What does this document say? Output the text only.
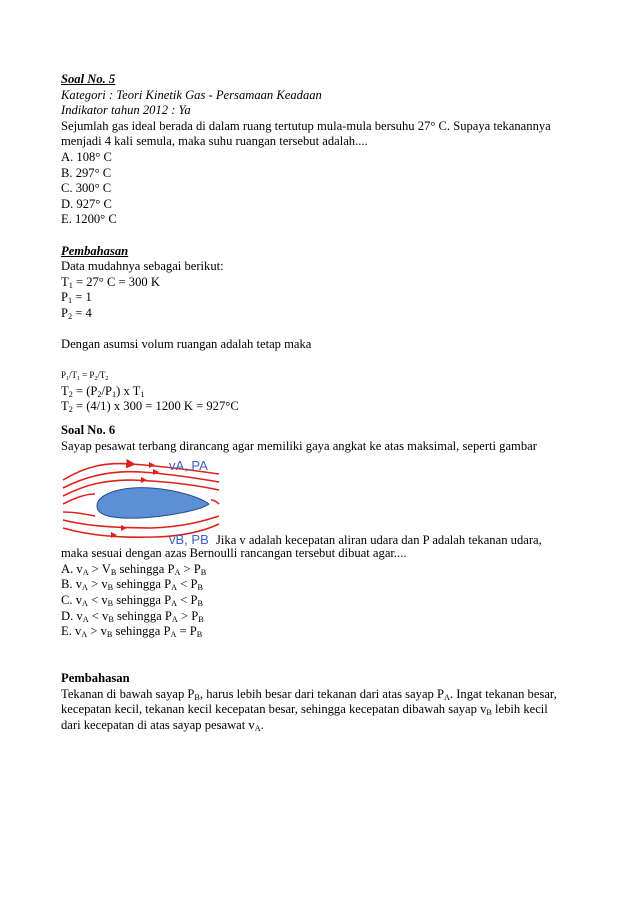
Soal No. 5
Kategori : Teori Kinetik Gas - Persamaan Keadaan
Indikator tahun 2012 : Ya
Sejumlah gas ideal berada di dalam ruang tertutup mula-mula bersuhu 27° C. Supaya tekanannya
menjadi 4 kali semula, maka suhu ruangan tersebut adalah....
A. 108° C
B. 297° C
C. 300° C
D. 927° C
E. 1200° C
Pembahasan
Data mudahnya sebagai berikut:
$T_1 = 27^\circ$ C = 300 K
$P_1 = 1$
$P_2 = 4$
Dengan asumsi volum ruangan adalah tetap maka
$P_1/T_1 = P_2/T_2$
$T_2 = (P_2/P_1)$ x $T_1$
$T_2 = (4/1)$ x 300 = 1200 K = 927°C
Soal No. 6
Sayap pesawat terbang dirancang agar memiliki gaya angkat ke atas maksimal, seperti gambar
vA, PA
vB, PB Jika v adalah kecepatan aliran udara dan P adalah tekanan udara,
maka sesuai dengan azas Bernoulli rancangan tersebut dibuat agar....
A. $v_A > V_B$ sehingga $P_A > P_B$
B. $v_A > v_B$ sehingga $P_A < P_B$
C. $v_A < v_B$ sehingga $P_A < P_B$
D. $v_A < v_B$ sehingga $P_A > P_B$
E. $v_A > v_B$ sehingga $P_A = P_B$
Pembahasan
Tekanan di bawah sayap $P_B$, harus lebih besar dari tekanan dari atas sayap $P_A$. Ingat tekanan besar,
kecepatan kecil, tekanan kecil kecepatan besar, sehingga kecepatan dibawah sayap $v_B$ lebih kecil
dari kecepatan di atas sayap pesawat $v_A$.
